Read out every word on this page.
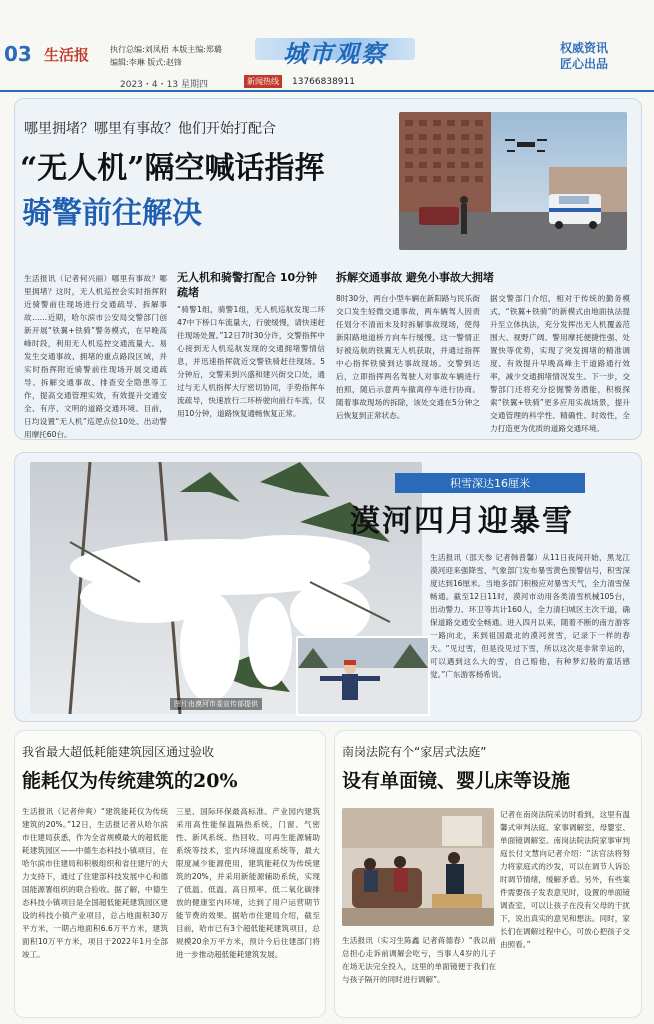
03 生活报	执行总编:刘凤梧 本版主编:郑璐
编辑:李琳 版式:赵锋	城市观察	权威资讯
匠心出品
2023・4・13 星期四	新闻热线	13766838911
哪里拥堵？哪里有事故？他们开始打配合
“无人机”隔空喊话指挥
骑警前往解决
生活报讯（记者何兴丽）哪里有事故？哪里拥堵？这时，无人机巡控会实时指挥附近骑警前往现场进行交通疏导、拆解事故……近期，哈尔滨市公安局交警部门创新开展“铁翼+铁骑”警务模式，在早晚高峰时段，利用无人机巡控交通流量大、易发生交通事故、拥堵的重点路段区域，并实时指挥附近骑警前往现场开展交通疏导、拆解交通事故、排查安全隐患等工作，提高交通管理实效，有效提升交通安全、有序、文明的道路交通环境。目前，日均设置“无人机”巡逻点位10处、出动警用摩托60台。
无人机和骑警打配合 10分钟疏堵
“骑警1组，骑警1组，无人机巡航发现二环47中下桥口车流量大，行驶缓慢，请快速赶往现场处置。”12日7时30分许，交警指挥中心接到无人机巡航发现的交通拥堵警情信息，并迅速指挥就近交警铁骑赶往现场。5分钟后，交警来到兴盛和建兴街交口处，通过与无人机指挥大厅密切协同，手势指挥车流疏导，快速放行二环桥驶向前行车流，仅用10分钟，道路恢复通畅恢复正常。
拆解交通事故 避免小事故大拥堵
8时30分，两台小型车辆在新阳路与民乐街交口发生轻微交通事故，两车辆驾人因责任划分不清而未及时拆解事故现场，使得新阳路地道桥方向车行缓慢。这一警情正好被巡航的铁翼无人机获取，并通过指挥中心指挥铁骑到达事故现场。交警到达后，立即指挥两名驾驶人对事故车辆进行拍照，随后示意两车撤离停车进行协商。随着事故现场的拆除，该处交通在5分钟之后恢复到正常状态。
据交警部门介绍，相对于传统的勤务模式，“铁翼+铁骑”的新模式由地面执法提升至立体执法，充分发挥出无人机覆盖范围大、视野广阔、警用摩托便捷性强、处置快等优势，实现了突发拥堵的精准调度、有效提升早晚高峰主干道路通行效率，减少交通拥堵情况发生。下一步，交警部门还将充分挖掘警务潜能，积极探索“铁翼+铁骑”更多应用实战场景，提升交通管理的科学性、精确性、时效性，全力打造更为优质的道路交通环境。
积雪深达16厘米
漠河四月迎暴雪
生活报讯（邵天参 记者韩普馨）从11日夜间开始，黑龙江漠河迎来强降雪，气象部门发布暴雪黄色预警信号，积雪深度达到16厘米。当地多部门积极应对暴雪天气，全力清雪保畅通。截至12日11时，漠河市动用各类清雪机械105台，出动警力、环卫等共计160人，全力清扫城区主次干道，确保道路交通安全畅通。进入四月以来，随着不断的南方游客一路向北，来到祖国最北的漠河赏雪，记录下一样的春天。“见过雪，但是没见过下雪，所以这次是非常幸运的，可以遇到这么大的雪，自己赔他，有种梦幻般的童话感觉。”广东游客杨希说。
图片由漠河市委宣传部提供
我省最大超低耗能建筑园区通过验收
能耗仅为传统建筑的20%
生活报讯（记者仲爽）“建筑能耗仅为传统建筑的20%。”12日，生活报记者从哈尔滨市住建局获悉，作为全省规模最大的超低能耗建筑园区——中德生态科技小镇项目，在哈尔滨市住建局和积极组织和省住建厅的大力支持下，通过了住建部科技发展中心和德国能源署组织的联合验收。据了解，中德生态科技小镇项目是全国超低能耗建筑园区建设的科技小镇产业项目，总占地面积30万平方米，一期占地面积6.6万平方米，建筑面积10万平方米，项目于2022年1月全部竣工。
三星、国际环保最高标准。产业园内建筑采用高性能保温隔热系统，门窗、气密性、新风系统、热回收、可再生能源辅助系统等技术，室内环境温度系统等，最大限度减少能源使用，建筑能耗仅为传统建筑的20%，并采用新能源辅助系统，实现了低温、低温、高日照率、低二氧化碳排放的健康室内环境，达到了用户运营期节能节费的效果。据哈市住建局介绍，截至目前，哈市已有3个超低能耗建筑项目，总规模20余万平方米，预计今后住建部门将进一步推动超低能耗建筑发展。
南岗法院有个“家居式法庭”
设有单面镜、婴儿床等设施
记者在南岗法院采访时看到，这里有温馨式审判法庭、家事调解室、母婴室、单面镜调解室。南岗法院法院家事审判庭长付文慧向记者介绍：“法官法将努力将家庭式的沙发，可以在调节人诉讼时调节情绪，缓解矛盾。另外，有些案件需要孩子发表意见时，设置的单面镜调查室，可以让孩子在没有父母的干扰下，说出真实的意见和想法。同时，家长们在调解过程中心，可放心把孩子交由照看。”
生活报讯（实习生陈鑫 记者蒋德春）“我以前总担心走诉前调解会吃亏，当事人4岁的儿子在场无法完全投入，这里的单面镜便于我们在与孩子隔开的同时进行调解”。
